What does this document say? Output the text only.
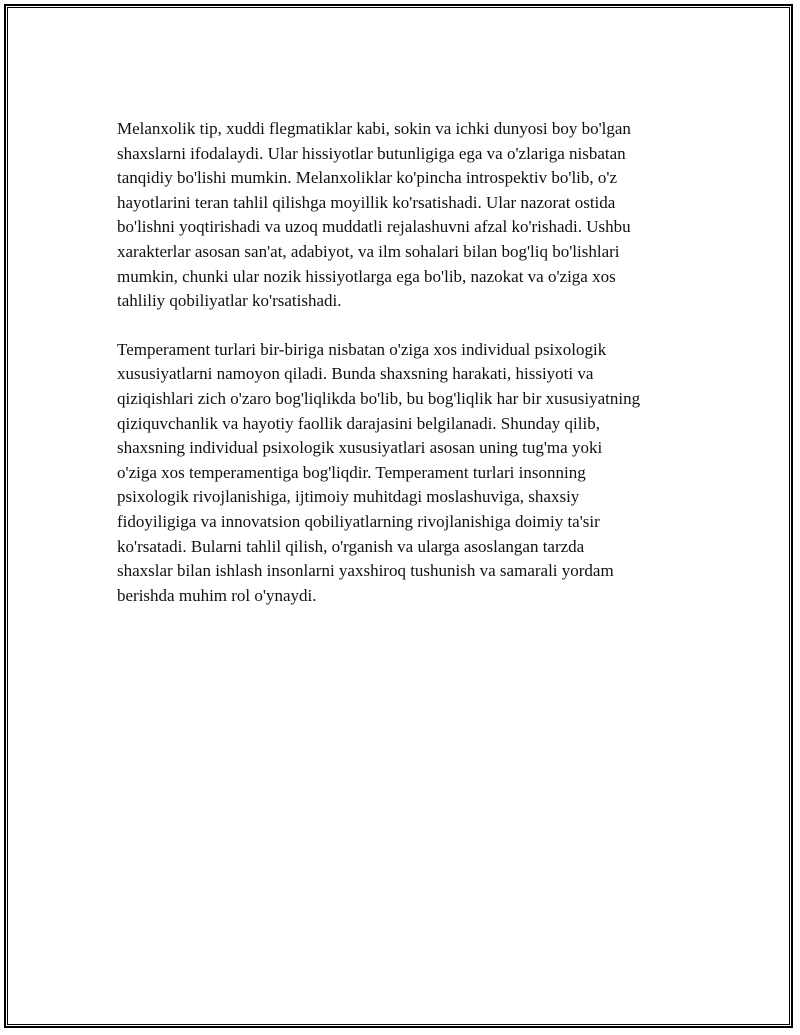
Melanxolik tip, xuddi flegmatiklar kabi, sokin va ichki dunyosi boy bo'lgan
shaxslarni ifodalaydi. Ular hissiyotlar butunligiga ega va o'zlariga nisbatan
tanqidiy bo'lishi mumkin. Melanxoliklar ko'pincha introspektiv bo'lib, o'z
hayotlarini teran tahlil qilishga moyillik ko'rsatishadi. Ular nazorat ostida
bo'lishni yoqtirishadi va uzoq muddatli rejalashuvni afzal ko'rishadi. Ushbu
xarakterlar asosan san'at, adabiyot, va ilm sohalari bilan bog'liq bo'lishlari
mumkin, chunki ular nozik hissiyotlarga ega bo'lib, nazokat va o'ziga xos
tahliliy qobiliyatlar ko'rsatishadi.

Temperament turlari bir-biriga nisbatan o'ziga xos individual psixologik
xususiyatlarni namoyon qiladi. Bunda shaxsning harakati, hissiyoti va
qiziqishlari zich o'zaro bog'liqlikda bo'lib, bu bog'liqlik har bir xususiyatning
qiziquvchanlik va hayotiy faollik darajasini belgilanadi. Shunday qilib,
shaxsning individual psixologik xususiyatlari asosan uning tug'ma yoki
o'ziga xos temperamentiga bog'liqdir. Temperament turlari insonning
psixologik rivojlanishiga, ijtimoiy muhitdagi moslashuviga, shaxsiy
fidoyiligiga va innovatsion qobiliyatlarning rivojlanishiga doimiy ta'sir
ko'rsatadi. Bularni tahlil qilish, o'rganish va ularga asoslangan tarzda
shaxslar bilan ishlash insonlarni yaxshiroq tushunish va samarali yordam
berishda muhim rol o'ynaydi.
